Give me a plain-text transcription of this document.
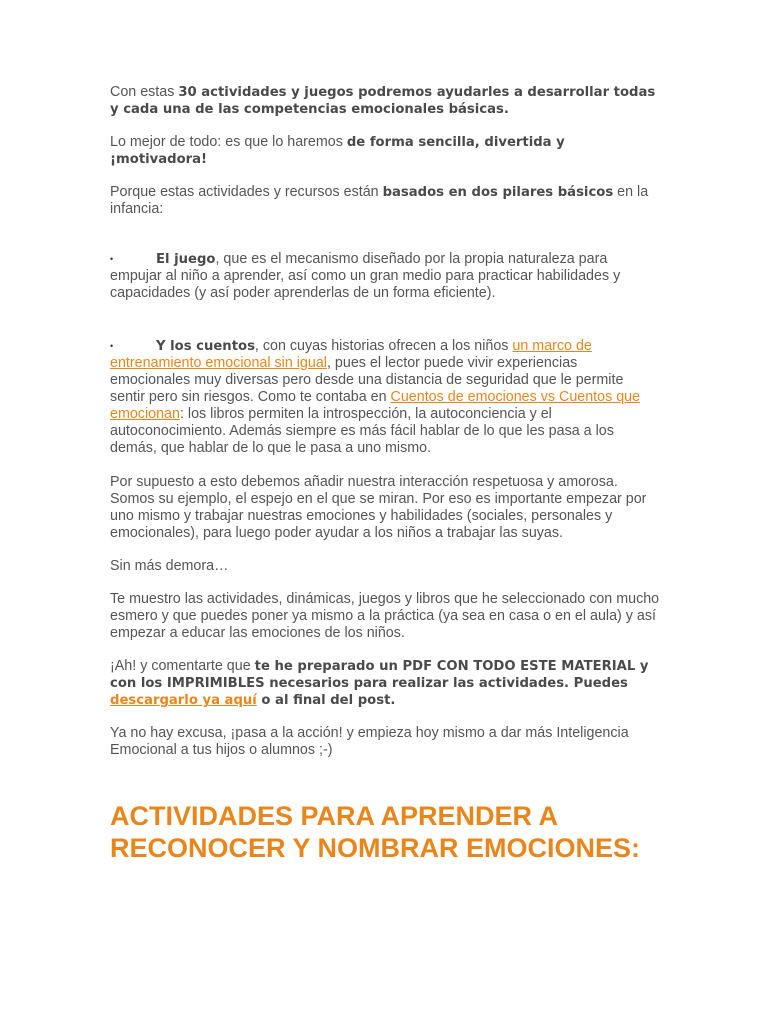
Con estas 30 actividades y juegos podremos ayudarles a desarrollar todas y cada una de las competencias emocionales básicas.

Lo mejor de todo: es que lo haremos de forma sencilla, divertida y ¡motivadora!

Porque estas actividades y recursos están basados en dos pilares básicos en la infancia:

•	El juego, que es el mecanismo diseñado por la propia naturaleza para empujar al niño a aprender, así como un gran medio para practicar habilidades y capacidades (y así poder aprenderlas de un forma eficiente).

•	Y los cuentos, con cuyas historias ofrecen a los niños un marco de entrenamiento emocional sin igual, pues el lector puede vivir experiencias emocionales muy diversas pero desde una distancia de seguridad que le permite sentir pero sin riesgos. Como te contaba en Cuentos de emociones vs Cuentos que emocionan: los libros permiten la introspección, la autoconciencia y el autoconocimiento. Además siempre es más fácil hablar de lo que les pasa a los demás, que hablar de lo que le pasa a uno mismo.

Por supuesto a esto debemos añadir nuestra interacción respetuosa y amorosa. Somos su ejemplo, el espejo en el que se miran. Por eso es importante empezar por uno mismo y trabajar nuestras emociones y habilidades (sociales, personales y emocionales), para luego poder ayudar a los niños a trabajar las suyas.

Sin más demora…

Te muestro las actividades, dinámicas, juegos y libros que he seleccionado con mucho esmero y que puedes poner ya mismo a la práctica (ya sea en casa o en el aula) y así empezar a educar las emociones de los niños.

¡Ah! y comentarte que te he preparado un PDF CON TODO ESTE MATERIAL y con los IMPRIMIBLES necesarios para realizar las actividades. Puedes descargarlo ya aquí o al final del post.

Ya no hay excusa, ¡pasa a la acción! y empieza hoy mismo a dar más Inteligencia Emocional a tus hijos o alumnos ;-)

ACTIVIDADES PARA APRENDER A RECONOCER Y NOMBRAR EMOCIONES:
